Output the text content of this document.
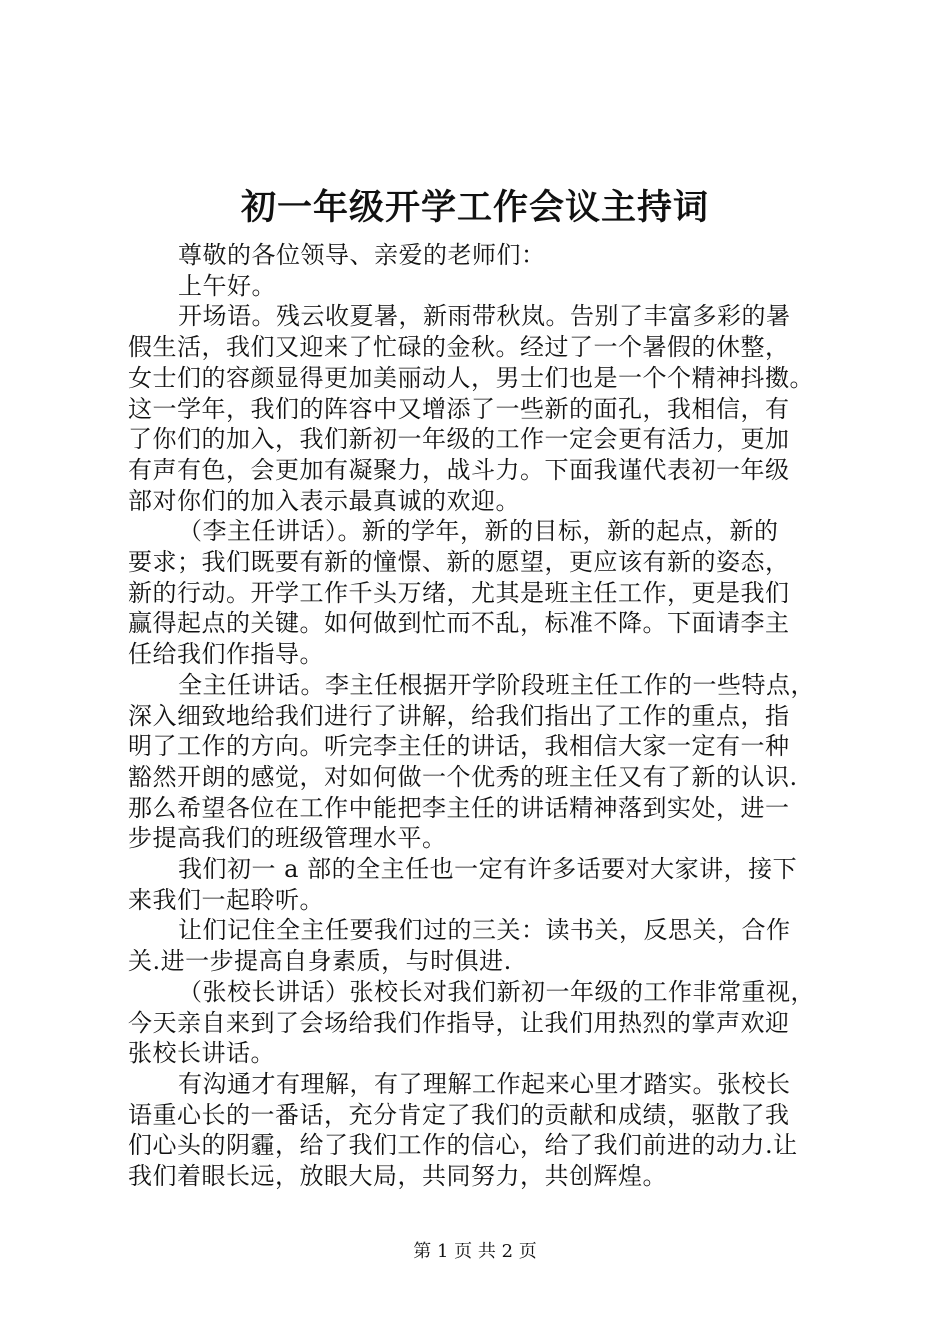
初一年级开学工作会议主持词
尊敬的各位领导、亲爱的老师们：
上午好。
开场语。残云收夏暑，新雨带秋岚。告别了丰富多彩的暑
假生活，我们又迎来了忙碌的金秋。经过了一个暑假的休整，
女士们的容颜显得更加美丽动人，男士们也是一个个精神抖擞。
这一学年，我们的阵容中又增添了一些新的面孔，我相信，有
了你们的加入，我们新初一年级的工作一定会更有活力，更加
有声有色，会更加有凝聚力，战斗力。下面我谨代表初一年级
部对你们的加入表示最真诚的欢迎。
（李主任讲话）。新的学年，新的目标，新的起点，新的
要求；我们既要有新的憧憬、新的愿望，更应该有新的姿态，
新的行动。开学工作千头万绪，尤其是班主任工作，更是我们
赢得起点的关键。如何做到忙而不乱，标准不降。下面请李主
任给我们作指导。
全主任讲话。李主任根据开学阶段班主任工作的一些特点，
深入细致地给我们进行了讲解，给我们指出了工作的重点，指
明了工作的方向。听完李主任的讲话，我相信大家一定有一种
豁然开朗的感觉，对如何做一个优秀的班主任又有了新的认识.
那么希望各位在工作中能把李主任的讲话精神落到实处，进一
步提高我们的班级管理水平。
我们初一 a 部的全主任也一定有许多话要对大家讲，接下
来我们一起聆听。
让们记住全主任要我们过的三关：读书关，反思关，合作
关.进一步提高自身素质，与时俱进.
（张校长讲话）张校长对我们新初一年级的工作非常重视，
今天亲自来到了会场给我们作指导，让我们用热烈的掌声欢迎
张校长讲话。
有沟通才有理解，有了理解工作起来心里才踏实。张校长
语重心长的一番话，充分肯定了我们的贡献和成绩，驱散了我
们心头的阴霾，给了我们工作的信心，给了我们前进的动力.让
我们着眼长远，放眼大局，共同努力，共创辉煌。
第 1 页 共 2 页
